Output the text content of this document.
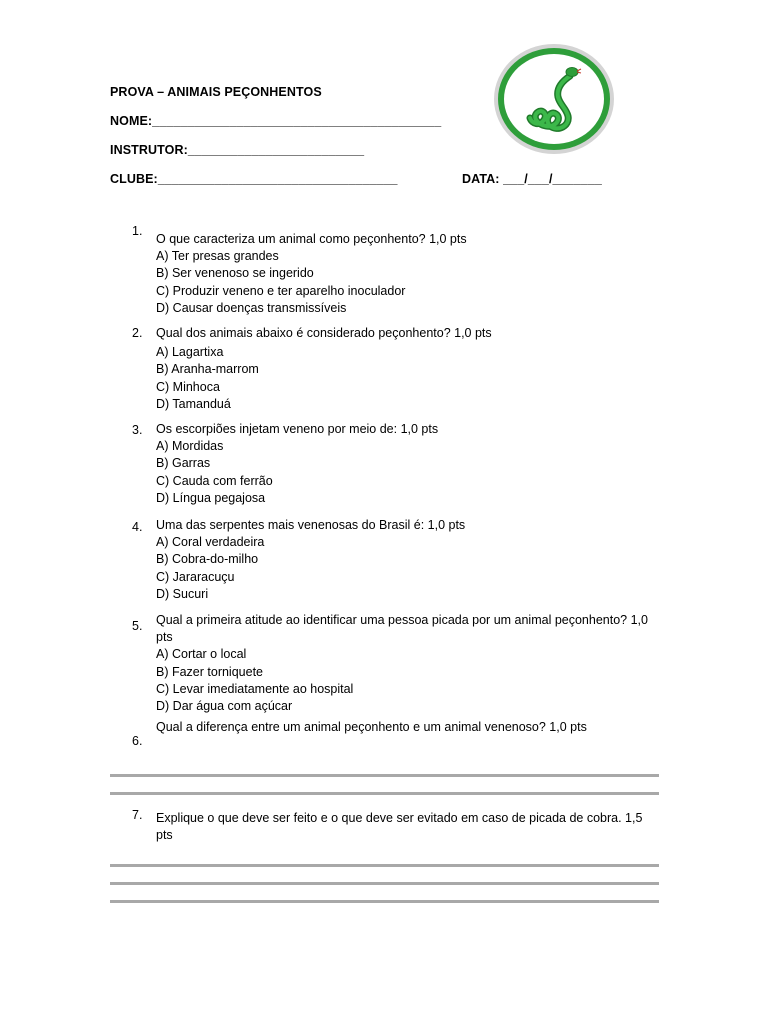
PROVA – ANIMAIS PEÇONHENTOS
NOME:_________________________________________
INSTRUTOR:_________________________
CLUBE:__________________________________	DATA: ___/___/_______
1.
O que caracteriza um animal como peçonhento? 1,0 pts
A) Ter presas grandes
B) Ser venenoso se ingerido
C) Produzir veneno e ter aparelho inoculador
D) Causar doenças transmissíveis
2. Qual dos animais abaixo é considerado peçonhento? 1,0 pts
A) Lagartixa
B) Aranha-marrom
C) Minhoca
D) Tamanduá
3. Os escorpiões injetam veneno por meio de: 1,0 pts
A) Mordidas
B) Garras
C) Cauda com ferrão
D) Língua pegajosa
4. Uma das serpentes mais venenosas do Brasil é: 1,0 pts
A) Coral verdadeira
B) Cobra-do-milho
C) Jararacuçu
D) Sucuri
5. Qual a primeira atitude ao identificar uma pessoa picada por um animal peçonhento? 1,0 pts
A) Cortar o local
B) Fazer torniquete
C) Levar imediatamente ao hospital
D) Dar água com açúcar
6.
Qual a diferença entre um animal peçonhento e um animal venenoso? 1,0 pts
7. Explique o que deve ser feito e o que deve ser evitado em caso de picada de cobra. 1,5 pts
